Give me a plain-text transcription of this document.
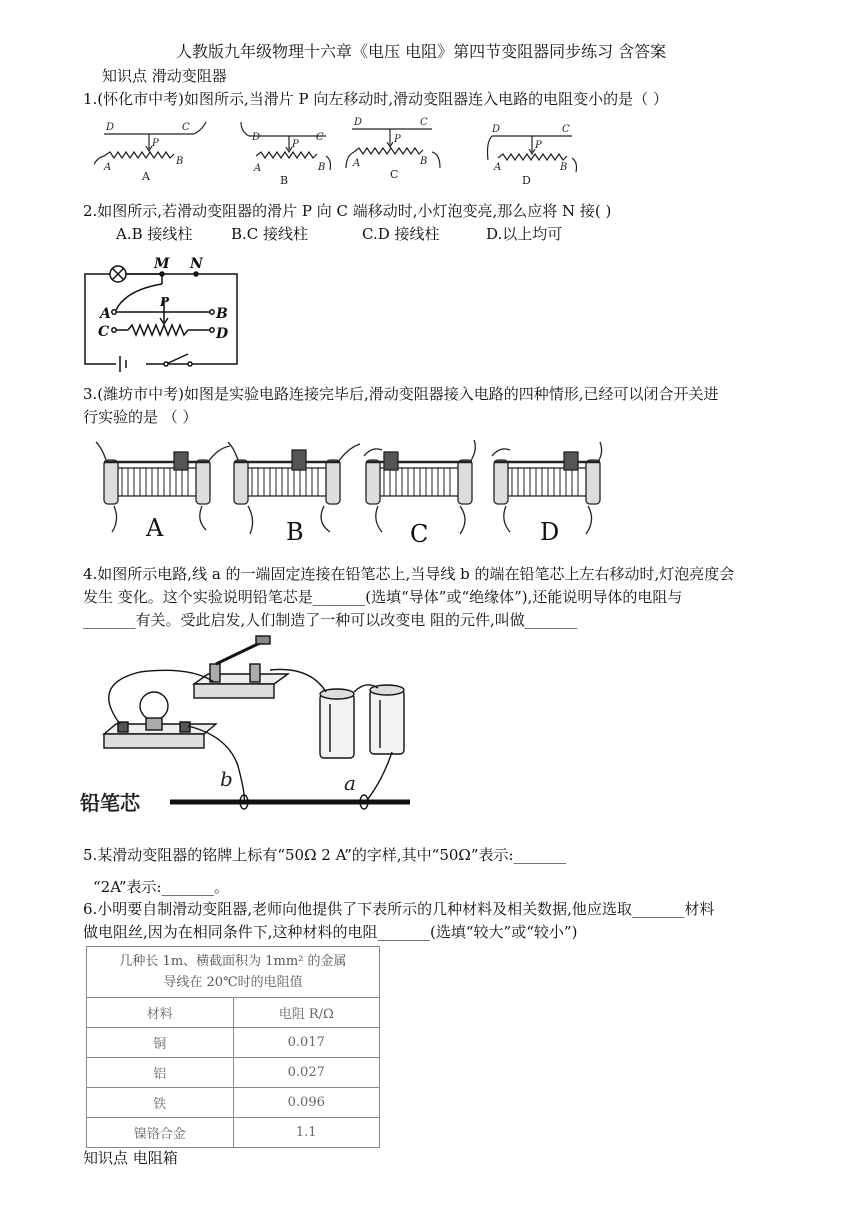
人教版九年级物理十六章《电压 电阻》第四节变阻器同步练习 含答案
知识点 滑动变阻器
1.(怀化市中考)如图所示,当滑片 P 向左移动时,滑动变阻器连入电路的电阻变小的是（ ）
D	C
A
B
P
D	C
A	B
P
D	C
A	B
P
D	C
A	B
P
A	B	C	D
2.如图所示,若滑动变阻器的滑片 P 向 C 端移动时,小灯泡变亮,那么应将 N 接( )
A.B 接线柱	B.C 接线柱	C.D 接线柱	D.以上均可
M N
A	B
C	D
P
3.(潍坊市中考)如图是实验电路连接完毕后,滑动变阻器接入电路的四种情形,已经可以闭合开关进
行实验的是 （ ）
A	B	C	D
4.如图所示电路,线 a 的一端固定连接在铅笔芯上,当导线 b 的端在铅笔芯上左右移动时,灯泡亮度会
发生 变化。这个实验说明铅笔芯是_______(选填“导体”或“绝缘体”),还能说明导体的电阻与
_______有关。受此启发,人们制造了一种可以改变电 阻的元件,叫做_______
铅笔芯
b	a
5.某滑动变阻器的铭牌上标有“50Ω 2 A”的字样,其中“50Ω”表示:_______
“2A”表示:_______。
6.小明要自制滑动变阻器,老师向他提供了下表所示的几种材料及相关数据,他应选取_______材料
做电阻丝,因为在相同条件下,这种材料的电阻_______(选填“较大”或“较小”)
几种长 1m、横截面积为 1mm² 的金属
导线在 20℃时的电阻值	
材料	电阻 R/Ω
铜	0.017
铝	0.027
铁	0.096
镍铬合金	1.1
知识点 电阻箱
